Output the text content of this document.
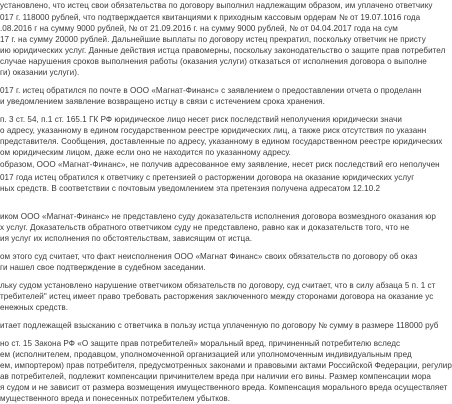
установлено, что истец свои обязательства по договору выполнил надлежащим образом, им уплачено ответчику
017 г. 118000 рублей, что подтверждается квитанциями к приходным кассовым ордерам № от 19.07.1016 года
.08.2016 г на сумму 9000 рублей, № от 21.09.2016 г. на сумму 9000 рублей, № от 04.04.2017 года на сум
17 г. на сумму 20000 рублей. Дальнейшие выплаты по договору истец прекратил, поскольку ответчик не присту
ию юридических услуг. Данные действия истца правомерны, поскольку законодательство о защите прав потребител
случае нарушения сроков выполнения работы (оказания услуги) отказаться от исполнения договора о выполне
ги) оказании услуги).
017 г. истец обратился по почте в ООО «Магнат-Финанс» с заявлением о предоставлении отчета о проделанн
и уведомлением заявление возвращено истцу в связи с истечением срока хранения.
п. 3 ст. 54, п.1 ст. 165.1 ГК РФ юридическое лицо несет риск последствий неполучения юридически значи
о адресу, указанному в едином государственном реестре юридических лиц, а также риск отсутствия по указанн
представителя. Сообщения, доставленные по адресу, указанному в едином государственном реестре юридических
ом юридическим лицом, даже если оно не находится по указанному адресу.
образом, ООО «Магнат-Финанс», не получив адресованное ему заявление, несет риск последствий его неполучен
017 года истец обратился к ответчику с претензией о расторжении договора на оказание юридических услуг
ных средств. В соответствии с почтовым уведомлением эта претензия получена адресатом 12.10.2
иком ООО «Магнат-Финанс» не представлено суду доказательств исполнения договора возмездного оказания юр
х услуг. Доказательств обратного ответчиком суду не представлено, равно как и доказательств того, что не
ия услуг их исполнения по обстоятельствам, зависящим от истца.
ом этого суд считает, что факт неисполнения ООО «Магнат Финанс» своих обязательств по договору об оказ
ги нашел свое подтверждение в судебном заседании.
льку судом установлено нарушение ответчиком обязательств по договору, суд считает, что в силу абзаца 5 п. 1 ст
требителей" истец имеет право требовать расторжения заключенного между сторонами договора на оказание ус
енежных средств.
итает подлежащей взысканию с ответчика в пользу истца уплаченную по договору № сумму в размере 118000 руб
но ст. 15 Закона РФ «О защите прав потребителей» моральный вред, причиненный потребителю вследс
ем (исполнителем, продавцом, уполномоченной организацией или уполномоченным индивидуальным пред
ем, импортером) прав потребителя, предусмотренных законами и правовыми актами Российской Федерации, регулир
ав потребителей, подлежит компенсации причинителем вреда при наличии его вины. Размер компенсации мора
я судом и не зависит от размера возмещения имущественного вреда. Компенсация морального вреда осуществляет
мущественного вреда и понесенных потребителем убытков.
